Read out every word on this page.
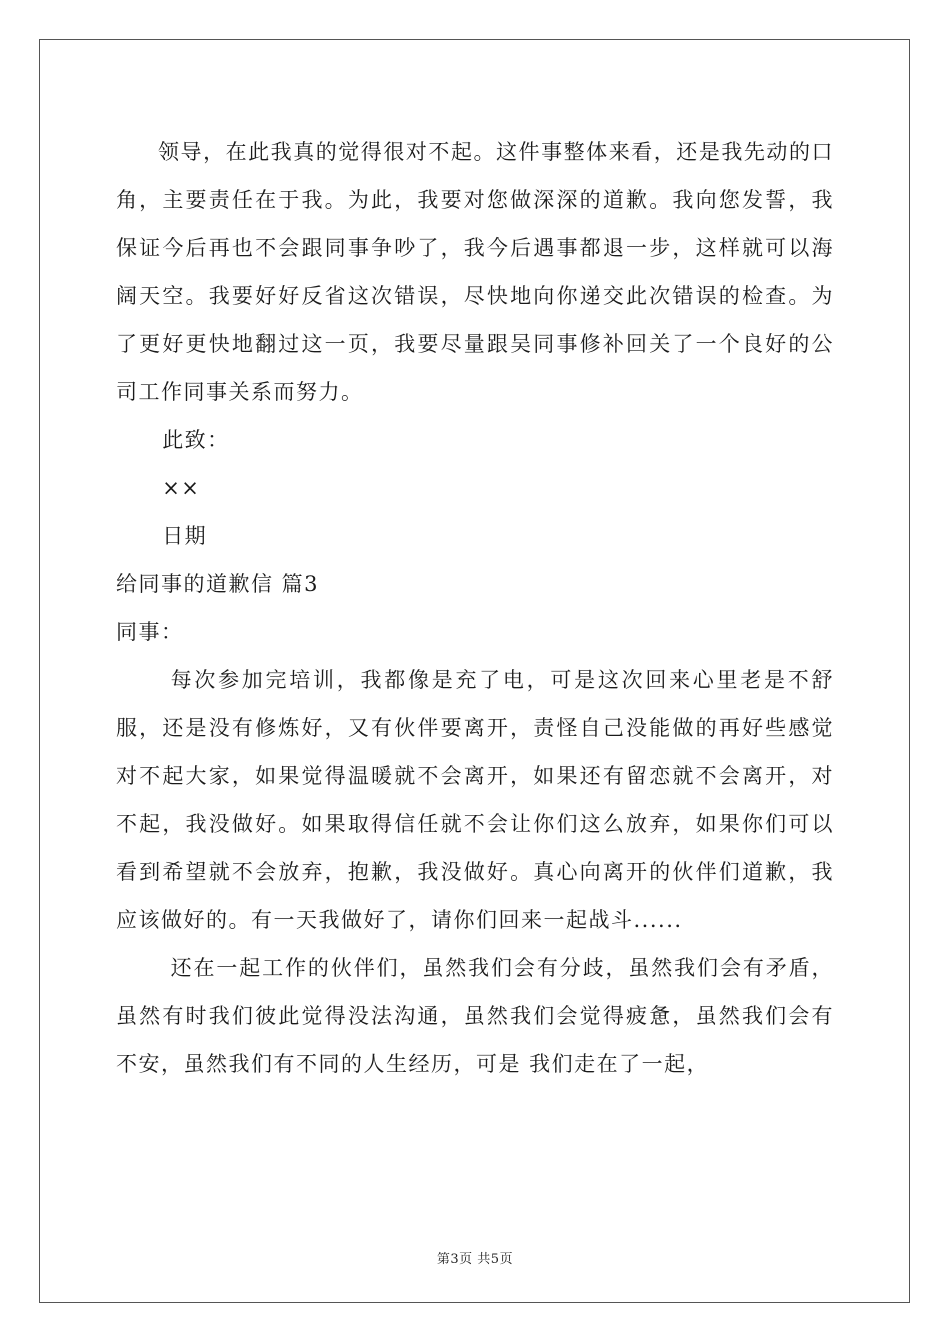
领导，在此我真的觉得很对不起。这件事整体来看，还是我先动的口角，主要责任在于我。为此，我要对您做深深的道歉。我向您发誓，我保证今后再也不会跟同事争吵了，我今后遇事都退一步，这样就可以海阔天空。我要好好反省这次错误，尽快地向你递交此次错误的检查。为了更好更快地翻过这一页，我要尽量跟吴同事修补回关了一个良好的公司工作同事关系而努力。

此致：

××

日期

给同事的道歉信 篇3

同事：

每次参加完培训，我都像是充了电，可是这次回来心里老是不舒服，还是没有修炼好，又有伙伴要离开，责怪自己没能做的再好些感觉对不起大家，如果觉得温暖就不会离开，如果还有留恋就不会离开，对不起，我没做好。如果取得信任就不会让你们这么放弃，如果你们可以看到希望就不会放弃，抱歉，我没做好。真心向离开的伙伴们道歉，我应该做好的。有一天我做好了，请你们回来一起战斗......

还在一起工作的伙伴们，虽然我们会有分歧，虽然我们会有矛盾，虽然有时我们彼此觉得没法沟通，虽然我们会觉得疲惫，虽然我们会有不安，虽然我们有不同的人生经历，可是 我们走在了一起，

第3页 共5页
